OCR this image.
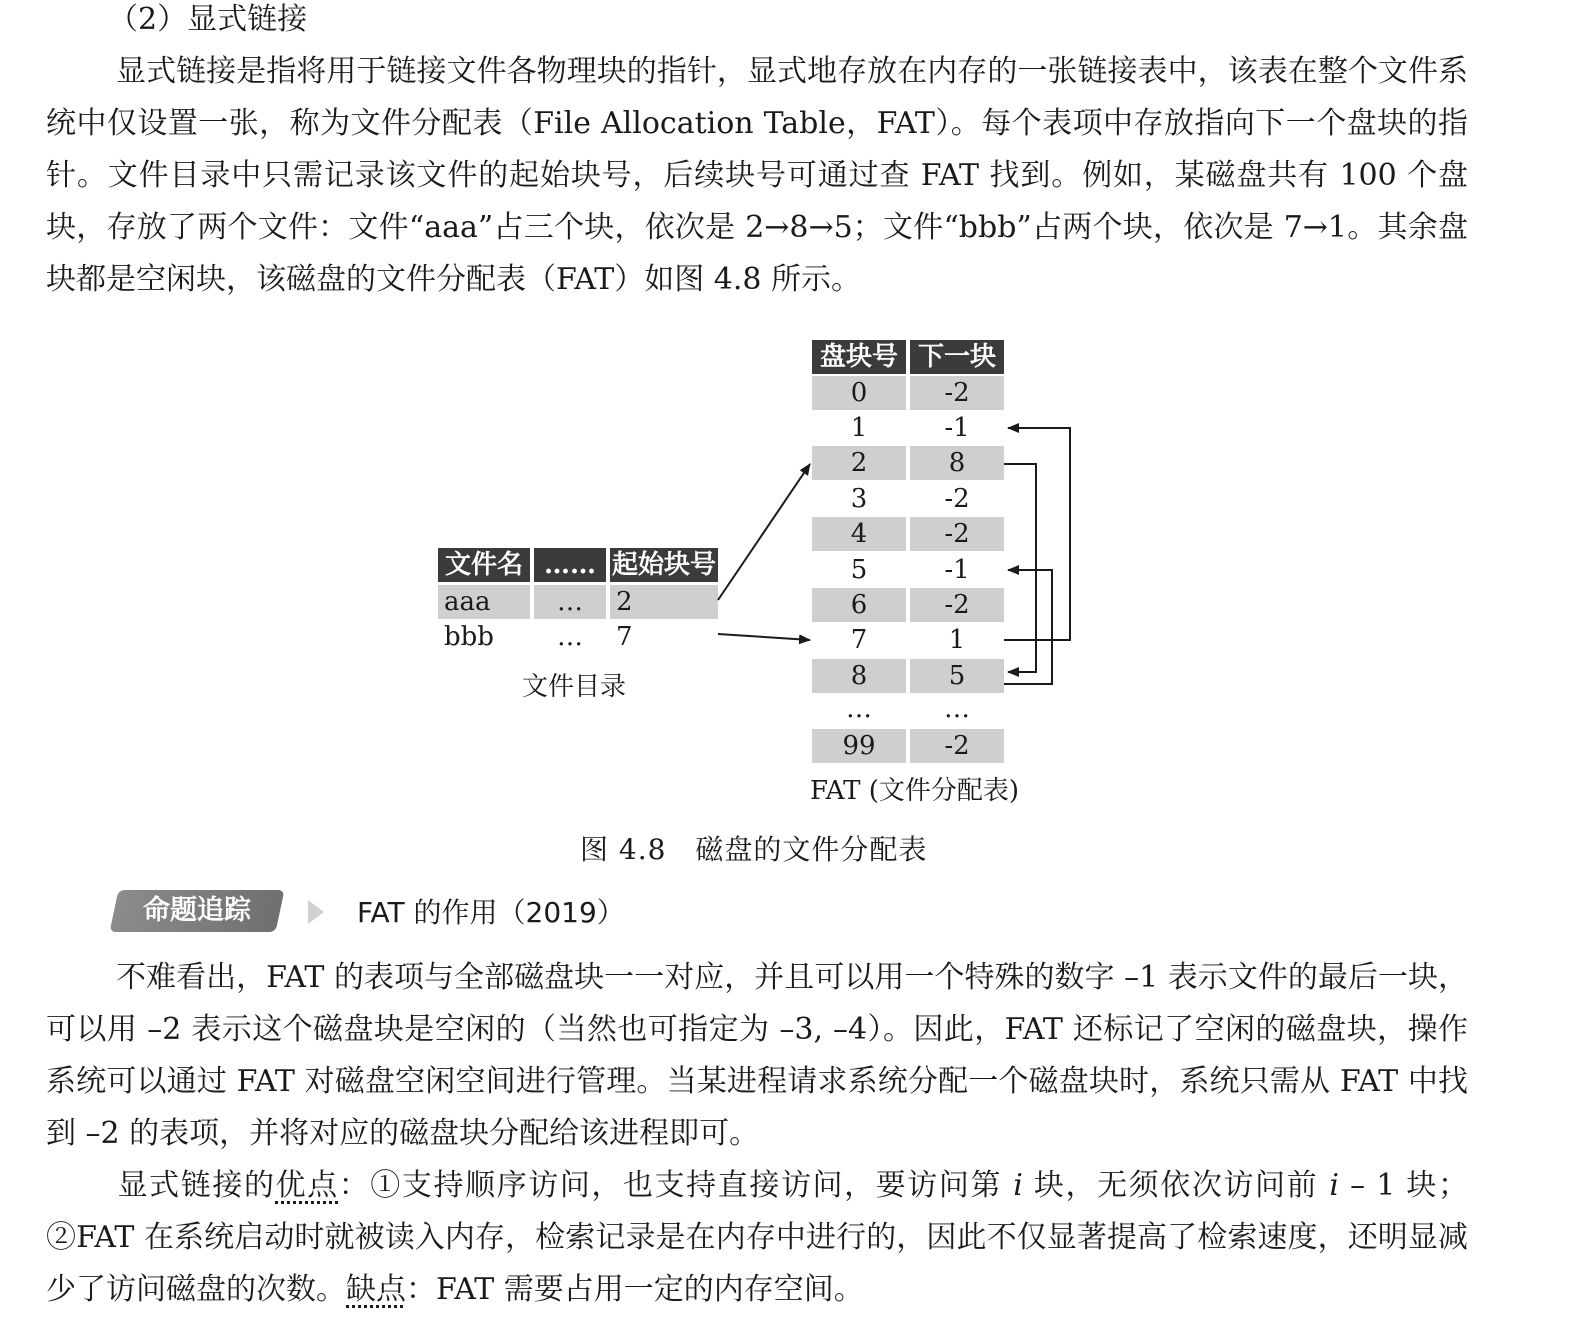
（2）显式链接

显式链接是指将用于链接文件各物理块的指针，显式地存放在内存的一张链接表中，该表在整个文件系统中仅设置一张，称为文件分配表（File Allocation Table，FAT）。每个表项中存放指向下一个盘块的指针。文件目录中只需记录该文件的起始块号，后续块号可通过查 FAT 找到。例如，某磁盘共有 100 个盘块，存放了两个文件：文件“aaa”占三个块，依次是 2→8→5；文件“bbb”占两个块，依次是 7→1。其余盘块都是空闲块，该磁盘的文件分配表（FAT）如图 4.8 所示。

文件名 …… 起始块号
aaa	…	2
bbb	…	7
文件目录
盘块号 下一块
0	-2
1	-1
2	8
3	-2
4	-2
5	-1
6	-2
7	1
8	5
…	…
99	-2
FAT (文件分配表)
图 4.8　磁盘的文件分配表
命题追踪	FAT 的作用（2019）

不难看出，FAT 的表项与全部磁盘块一一对应，并且可以用一个特殊的数字 –1 表示文件的最后一块，可以用 –2 表示这个磁盘块是空闲的（当然也可指定为 –3, –4）。因此，FAT 还标记了空闲的磁盘块，操作系统可以通过 FAT 对磁盘空闲空间进行管理。当某进程请求系统分配一个磁盘块时，系统只需从 FAT 中找到 –2 的表项，并将对应的磁盘块分配给该进程即可。

显式链接的优点：①支持顺序访问，也支持直接访问，要访问第 i 块，无须依次访问前 i – 1 块；②FAT 在系统启动时就被读入内存，检索记录是在内存中进行的，因此不仅显著提高了检索速度，还明显减少了访问磁盘的次数。缺点：FAT 需要占用一定的内存空间。
